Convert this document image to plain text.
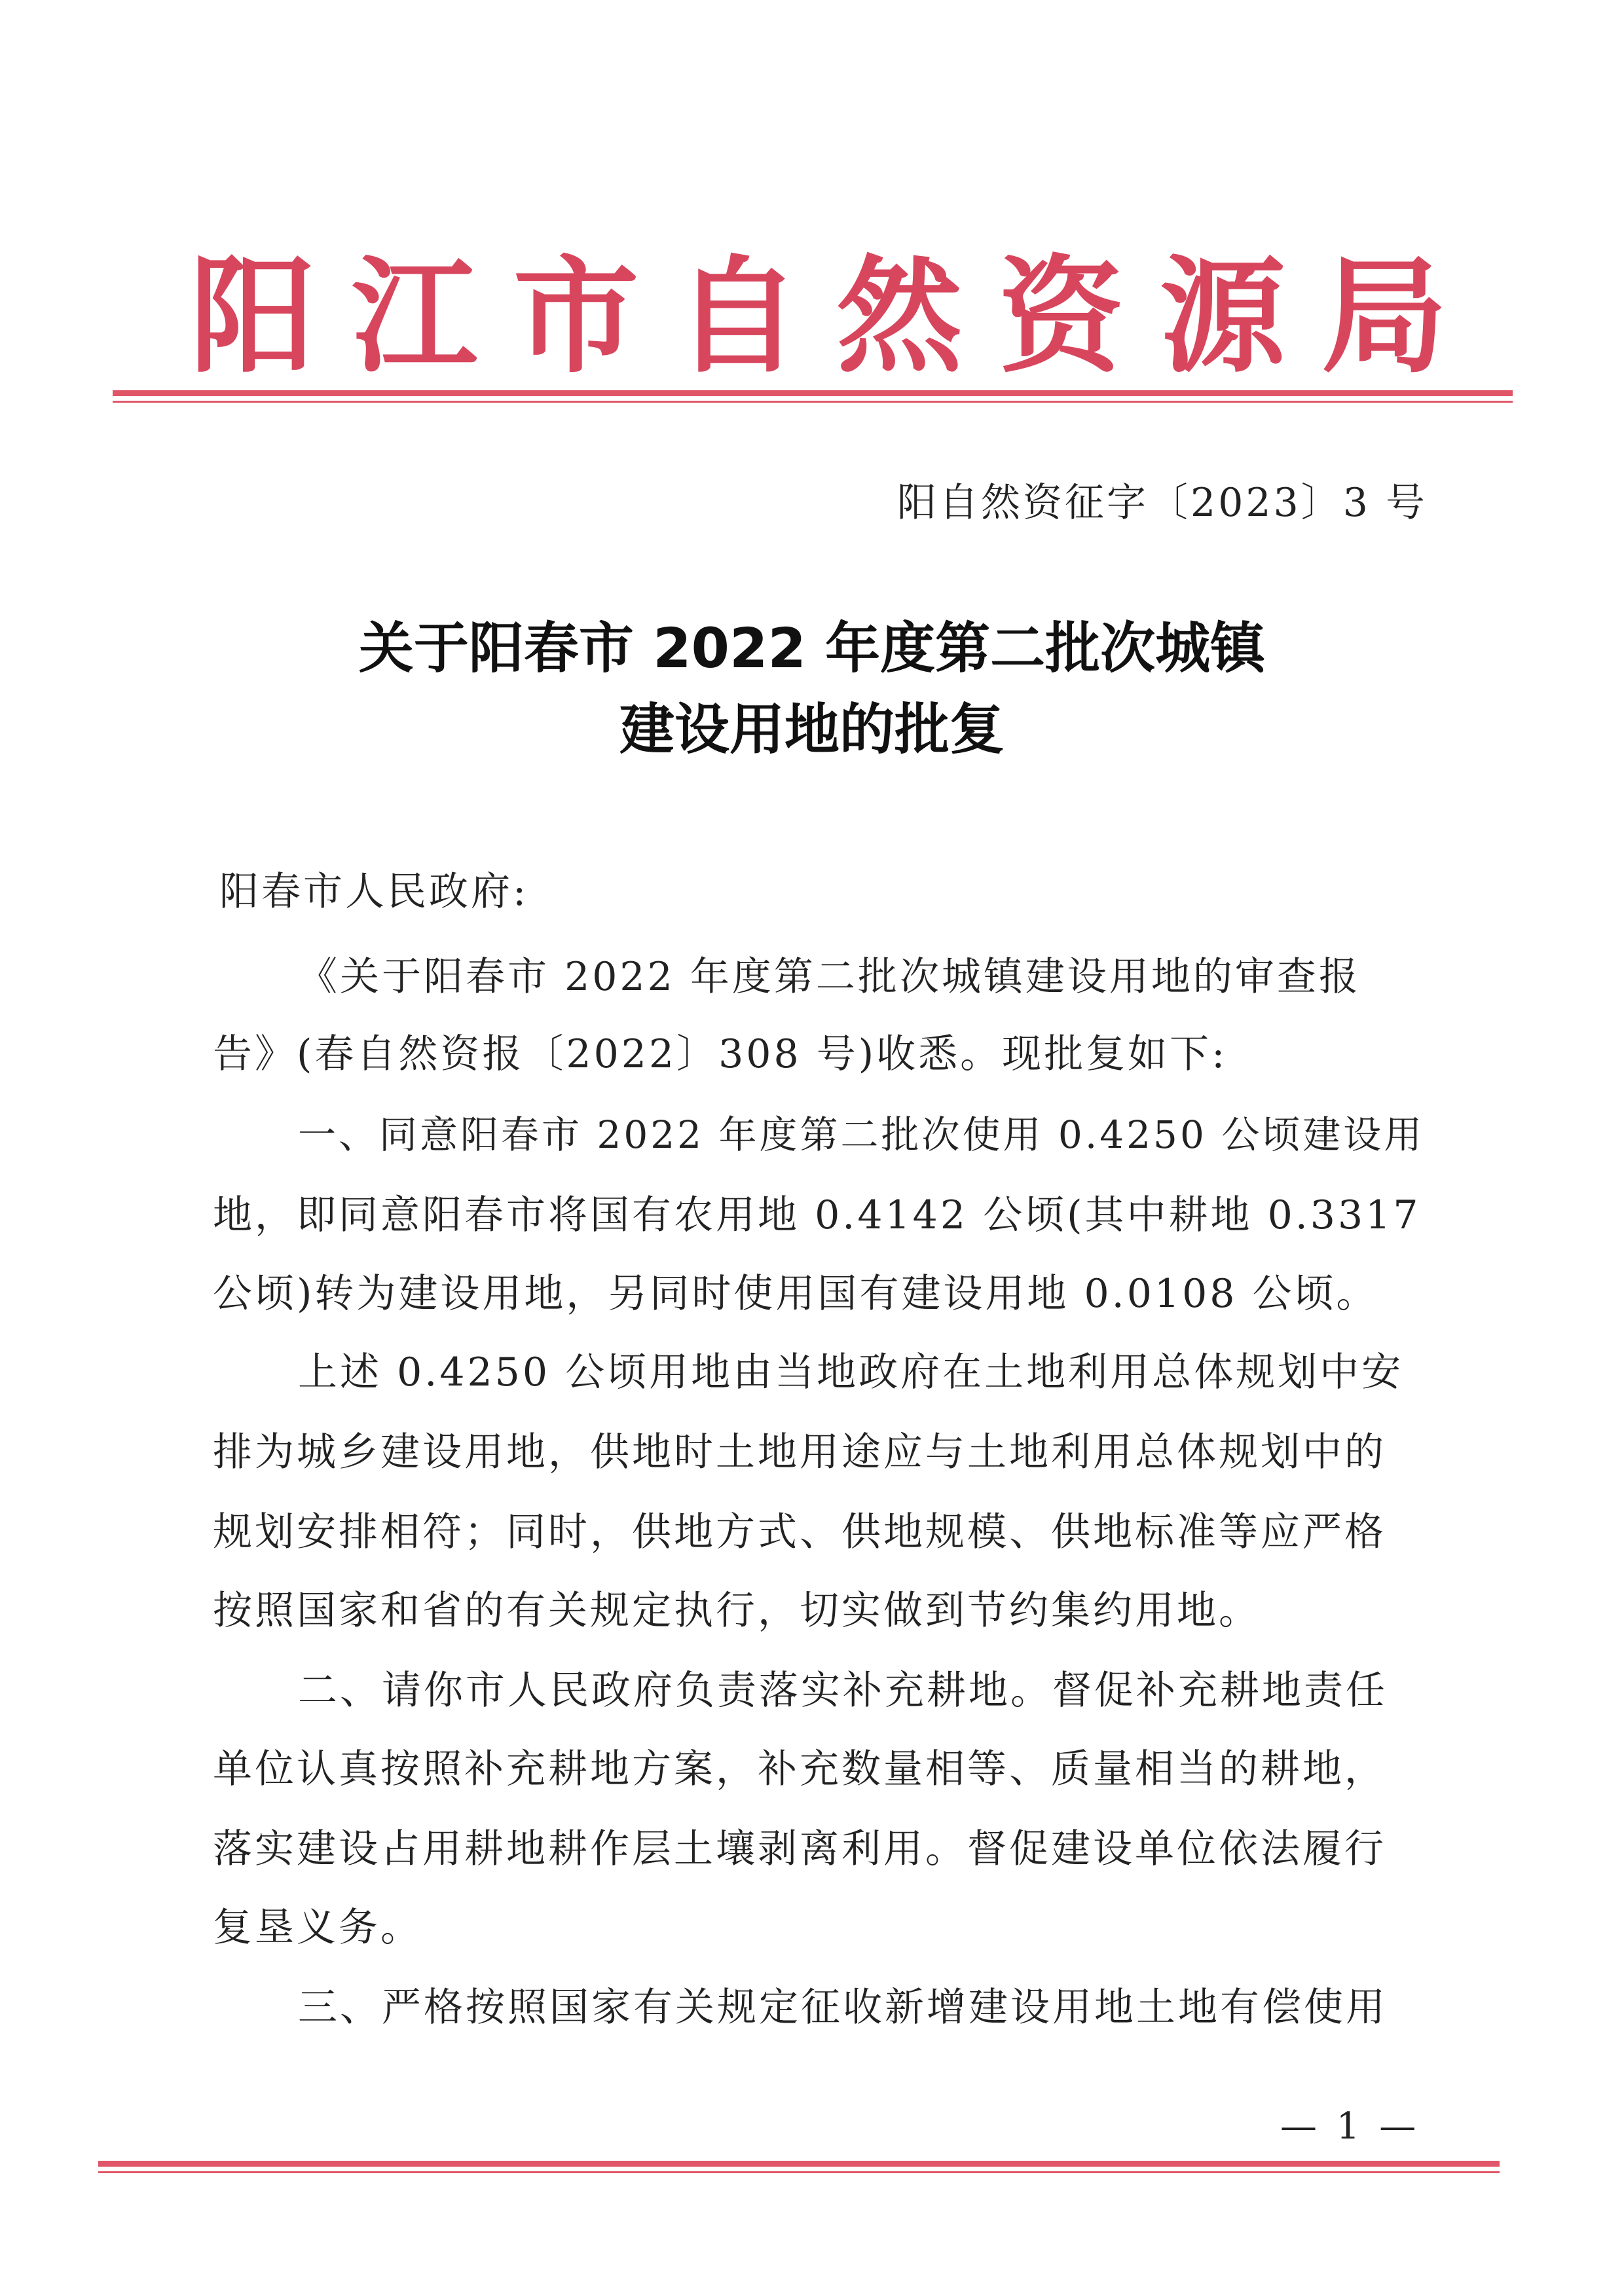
阳 江 市 自 然 资 源 局
阳自然资征字〔2023〕3 号
关于阳春市 2022 年度第二批次城镇
建设用地的批复
阳春市人民政府:
《关于阳春市 2022 年度第二批次城镇建设用地的审查报
告》(春自然资报〔2022〕308 号)收悉。现批复如下:
一、同意阳春市 2022 年度第二批次使用 0.4250 公顷建设用
地，即同意阳春市将国有农用地 0.4142 公顷(其中耕地 0.3317
公顷)转为建设用地，另同时使用国有建设用地 0.0108 公顷。
上述 0.4250 公顷用地由当地政府在土地利用总体规划中安
排为城乡建设用地，供地时土地用途应与土地利用总体规划中的
规划安排相符；同时，供地方式、供地规模、供地标准等应严格
按照国家和省的有关规定执行，切实做到节约集约用地。
二、请你市人民政府负责落实补充耕地。督促补充耕地责任
单位认真按照补充耕地方案，补充数量相等、质量相当的耕地，
落实建设占用耕地耕作层土壤剥离利用。督促建设单位依法履行
复垦义务。
三、严格按照国家有关规定征收新增建设用地土地有偿使用
— 1 —
